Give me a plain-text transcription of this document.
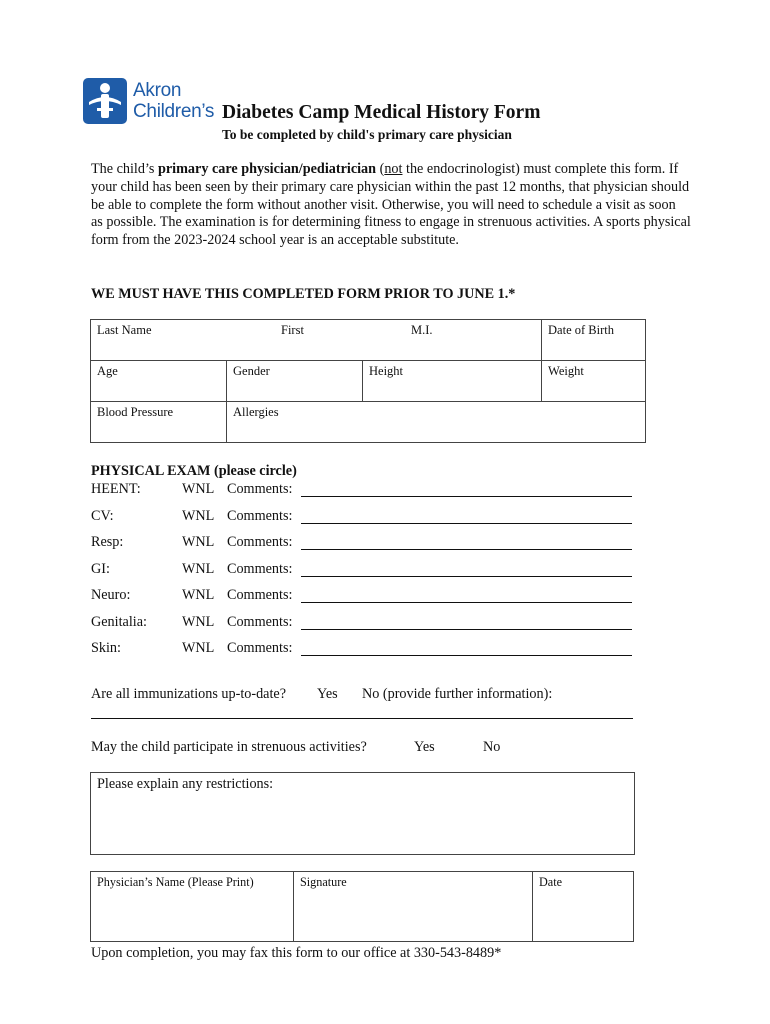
Akron
Children’s Diabetes Camp Medical History Form
To be completed by child's primary care physician

The child’s primary care physician/pediatrician (not the endocrinologist) must complete this form. If your child has been seen by their primary care physician within the past 12 months, that physician should be able to complete the form without another visit. Otherwise, you will need to schedule a visit as soon as possible. The examination is for determining fitness to engage in strenuous activities. A sports physical form from the 2023-2024 school year is an acceptable substitute.

WE MUST HAVE THIS COMPLETED FORM PRIOR TO JUNE 1.*
Last Name First M.I.			Date of Birth
Age	Gender	Height	Weight
Blood Pressure	Allergies		
PHYSICAL EXAM (please circle)
HEENT:	WNL Comments:
CV:	WNL Comments:
Resp:	WNL Comments:
GI:	WNL Comments:
Neuro:	WNL Comments:
Genitalia: WNL Comments:
Skin:	WNL Comments:
Are all immunizations up-to-date? Yes No (provide further information):
May the child participate in strenuous activities?	Yes	No
Please explain any restrictions:
Physician’s Name (Please Print)	Signature	Date
Upon completion, you may fax this form to our office at 330-543-8489*
